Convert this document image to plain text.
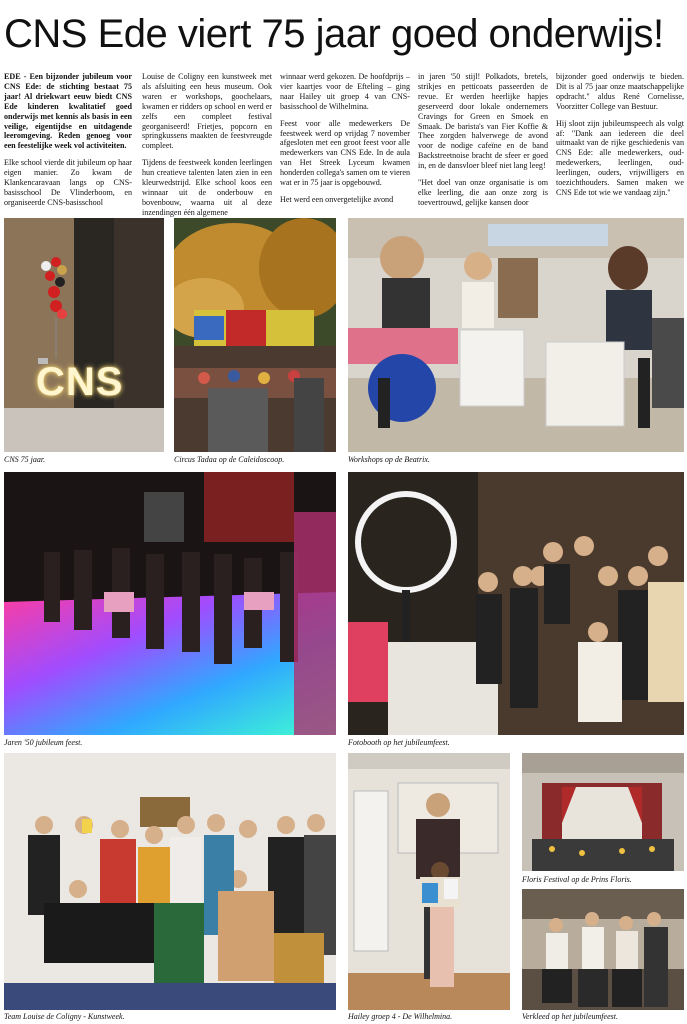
CNS Ede viert 75 jaar goed onderwijs!

EDE - Een bijzonder jubileum voor CNS Ede: de stichting bestaat 75 jaar! Al driekwart eeuw biedt CNS Ede kinderen kwalitatief goed onderwijs met kennis als basis in een veilige, eigentijdse en uitdagende leeromgeving. Reden genoeg voor een feestelijke week vol activiteiten.

Elke school vierde dit jubileum op haar eigen manier. Zo kwam de Klankencaravaan langs op CNS-basisschool De Vlinderboom, en organiseerde CNS-basisschool

Louise de Coligny een kunstweek met als afsluiting een heus museum. Ook waren er workshops, goochelaars, kwamen er ridders op school en werd er zelfs een compleet festival georganiseerd! Frietjes, popcorn en springkussens maakten de feestvreugde compleet.

Tijdens de feestweek konden leerlingen hun creatieve talenten laten zien in een kleurwedstrijd. Elke school koos een winnaar uit de onderbouw en bovenbouw, waarna uit al deze inzendingen één algemene

winnaar werd gekozen. De hoofdprijs – vier kaartjes voor de Efteling – ging naar Hailey uit groep 4 van CNS-basisschool de Wilhelmina.

Feest voor alle medewerkers De feestweek werd op vrijdag 7 november afgesloten met een groot feest voor alle medewerkers van CNS Ede. In de aula van Het Streek Lyceum kwamen honderden collega's samen om te vieren wat er in 75 jaar is opgebouwd.

Het werd een onvergetelijke avond

in jaren '50 stijl! Polkadots, bretels, strikjes en petticoats passeerden de revue. Er werden heerlijke hapjes geserveerd door lokale ondernemers Cravings for Green en Smoek en Smaak. De barista's van Fier Koffie & Thee zorgden halverwege de avond voor de nodige cafeïne en de band Backstreetnoise bracht de sfeer er goed in, en de dansvloer bleef niet lang leeg!

"Het doel van onze organisatie is om elke leerling, die aan onze zorg is toevertrouwd, gelijke kansen door

bijzonder goed onderwijs te bieden. Dit is al 75 jaar onze maatschappelijke opdracht." aldus René Cornelisse, Voorzitter College van Bestuur.

Hij sloot zijn jubileumspeech als volgt af: "Dank aan iedereen die deel uitmaakt van de rijke geschiedenis van CNS Ede: alle medewerkers, oud-medewerkers, leerlingen, oud-leerlingen, ouders, vrijwilligers en toezichthouders. Samen maken we CNS Ede tot wie we vandaag zijn."

CNS
CNS 75 jaar.	Circus Tadaa op de Caleidoscoop.	Workshops op de Beatrix.
Jaren '50 jubileum feest.	Fotobooth op het jubileumfeest.
Team Louise de Coligny - Kunstweek.	Hailey groep 4 - De Wilhelmina.
Floris Festival op de Prins Floris.
Verkleed op het jubileumfeest.
